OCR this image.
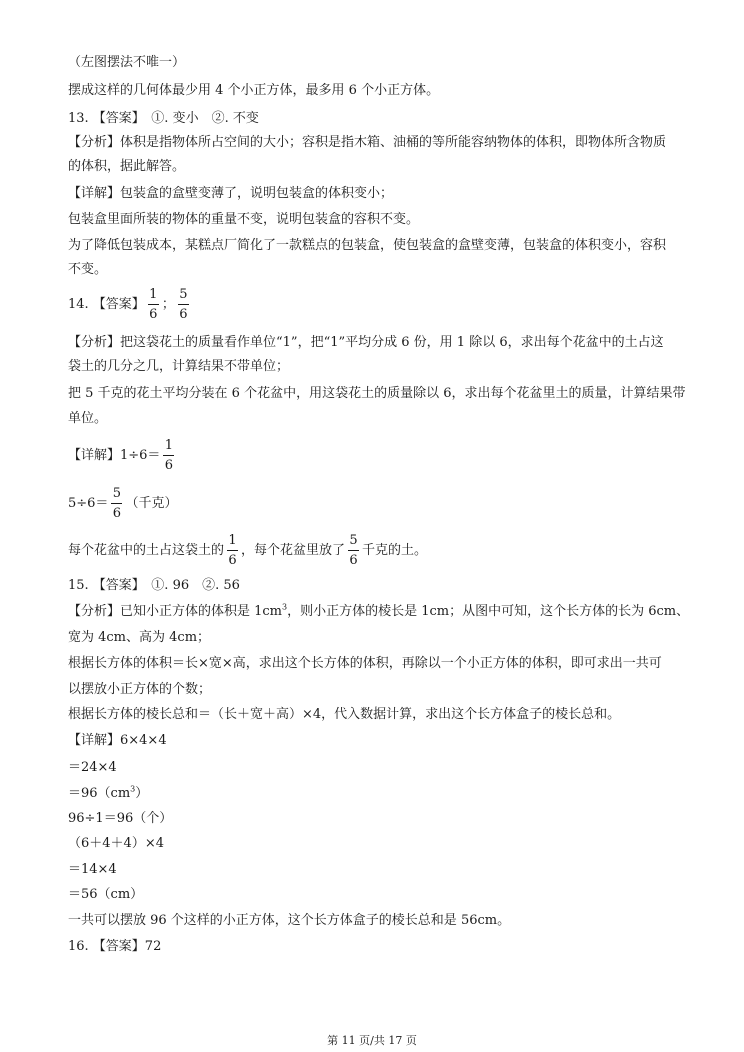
（左图摆法不唯一）
摆成这样的几何体最少用 4 个小正方体，最多用 6 个小正方体。
13. 【答案】　①. 变小　②. 不变
【分析】体积是指物体所占空间的大小；容积是指木箱、油桶的等所能容纳物体的体积，即物体所含物质
的体积，据此解答。
【详解】包装盒的盒壁变薄了，说明包装盒的体积变小；
包装盒里面所装的物体的重量不变，说明包装盒的容积不变。
为了降低包装成本，某糕点厂简化了一款糕点的包装盒，使包装盒的盒壁变薄，包装盒的体积变小，容积
不变。
14. 【答案】 $\frac{1}{6}$ ； $\frac{5}{6}$
【分析】把这袋花土的质量看作单位“1”，把“1”平均分成 6 份，用 1 除以 6，求出每个花盆中的土占这
袋土的几分之几，计算结果不带单位；
把 5 千克的花土平均分装在 6 个花盆中，用这袋花土的质量除以 6，求出每个花盆里土的质量，计算结果带
单位。
【详解】$1\div 6= \frac{1}{6}$
$5\div 6= \frac{5}{6}$ （千克）
每个花盆中的土占这袋土的 $\frac{1}{6}$ ，每个花盆里放了 $\frac{5}{6}$ 千克的土。
15. 【答案】　①. 96　②. 56
【分析】已知小正方体的体积是 $1cm^3$，则小正方体的棱长是 1cm；从图中可知，这个长方体的长为 6cm、
宽为 4cm、高为 4cm；
根据长方体的体积＝长×宽×高，求出这个长方体的体积，再除以一个小正方体的体积，即可求出一共可
以摆放小正方体的个数；
根据长方体的棱长总和＝（长＋宽＋高）×4，代入数据计算，求出这个长方体盒子的棱长总和。
【详解】6×4×4
＝24×4
$=96(cm^3)$
96÷1＝96（个）
（6＋4＋4）×4
＝14×4
＝56（cm）
一共可以摆放 96 个这样的小正方体，这个长方体盒子的棱长总和是 56cm。
16. 【答案】72
第 11 页/共 17 页
